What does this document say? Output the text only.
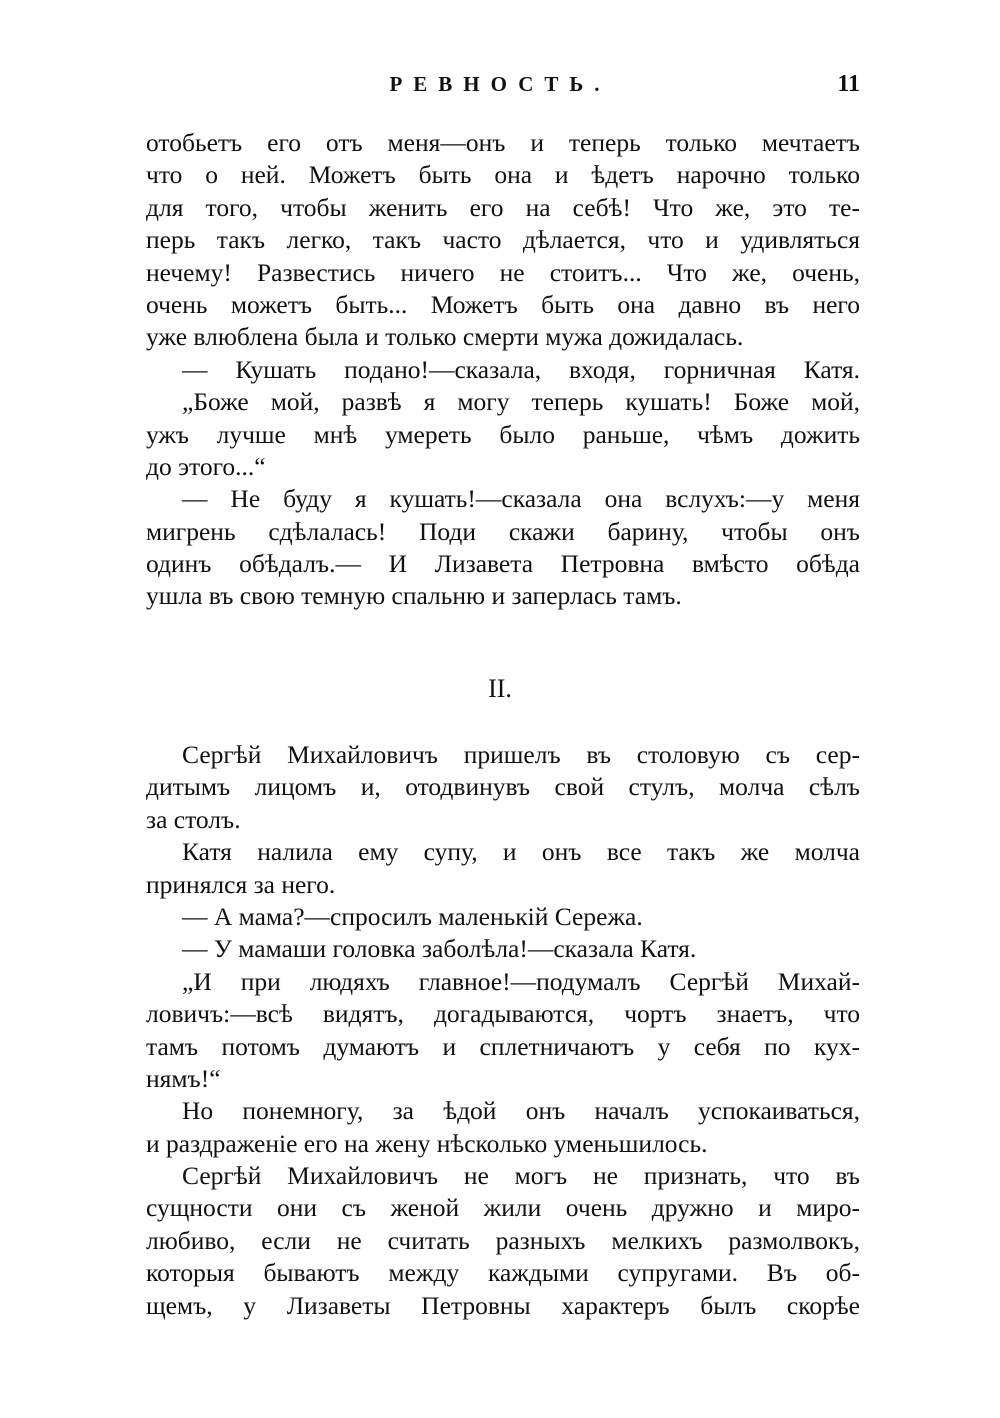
РЕВНОСТЬ.	11
отобьетъ его отъ меня—онъ и теперь только мечтаетъ
что о ней. Можетъ быть она и ѣдетъ нарочно только
для того, чтобы женить его на себѣ! Что же, это те-
перь такъ легко, такъ часто дѣлается, что и удивляться
нечему! Развестись ничего не стоитъ... Что же, очень,
очень можетъ быть... Можетъ быть она давно въ него
уже влюблена была и только смерти мужа дожидалась.
— Кушать подано!—сказала, входя, горничная Катя.
„Боже мой, развѣ я могу теперь кушать! Боже мой,
ужъ лучше мнѣ умереть было раньше, чѣмъ дожить
до этого...“
— Не буду я кушать!—сказала она вслухъ:—у меня
мигрень сдѣлалась! Поди скажи барину, чтобы онъ
одинъ обѣдалъ.— И Лизавета Петровна вмѣсто обѣда
ушла въ свою темную спальню и заперлась тамъ.
II.
Сергѣй Михайловичъ пришелъ въ столовую съ сер-
дитымъ лицомъ и, отодвинувъ свой стулъ, молча сѣлъ
за столъ.
Катя налила ему супу, и онъ все такъ же молча
принялся за него.
— А мама?—спросилъ маленькій Сережа.
— У мамаши головка заболѣла!—сказала Катя.
„И при людяхъ главное!—подумалъ Сергѣй Михай-
ловичъ:—всѣ видятъ, догадываются, чортъ знаетъ, что
тамъ потомъ думаютъ и сплетничаютъ у себя по кух-
нямъ!“
Но понемногу, за ѣдой онъ началъ успокаиваться,
и раздраженіе его на жену нѣсколько уменьшилось.
Сергѣй Михайловичъ не могъ не признать, что въ
сущности они съ женой жили очень дружно и миро-
любиво, если не считать разныхъ мелкихъ размолвокъ,
которыя бываютъ между каждыми супругами. Въ об-
щемъ, у Лизаветы Петровны характеръ былъ скорѣе
